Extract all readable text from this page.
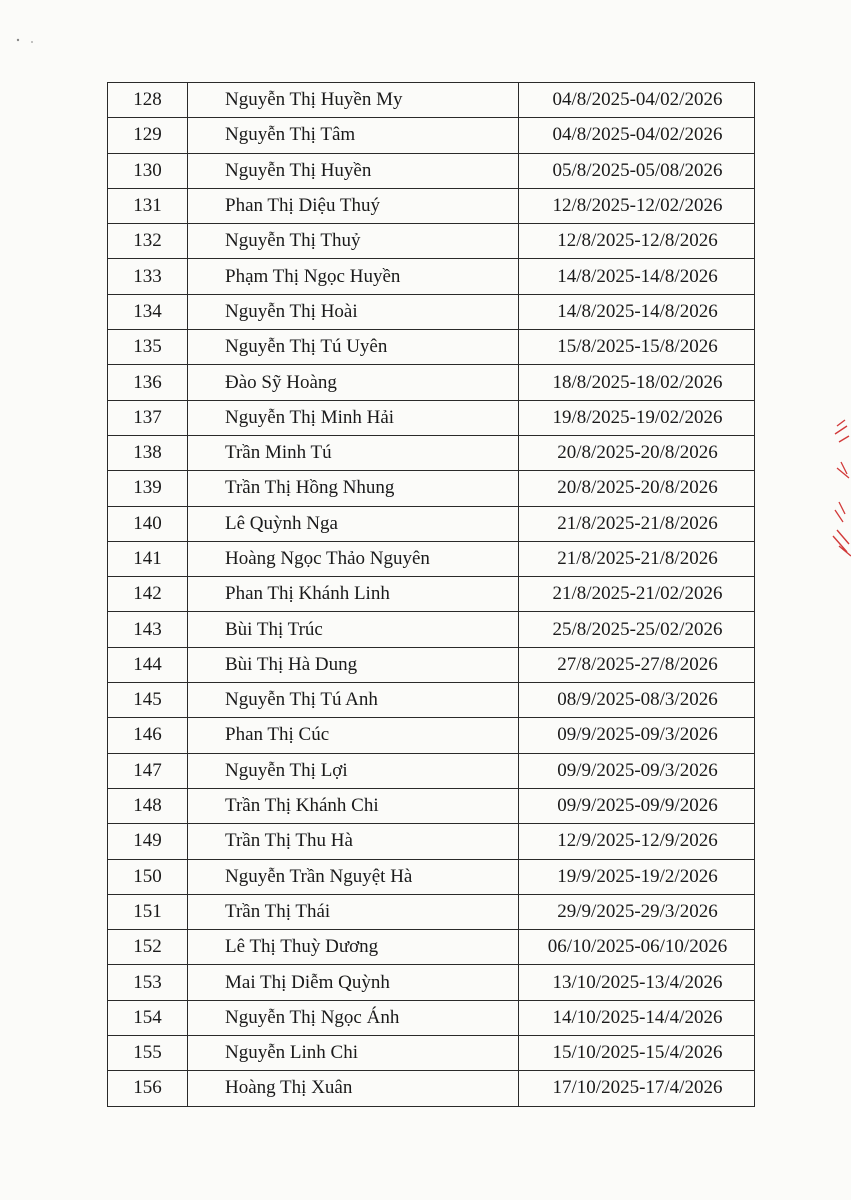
128	Nguyễn Thị Huyền My	04/8/2025-04/02/2026
129	Nguyễn Thị Tâm	04/8/2025-04/02/2026
130	Nguyễn Thị Huyền	05/8/2025-05/08/2026
131	Phan Thị Diệu Thuý	12/8/2025-12/02/2026
132	Nguyễn Thị Thuỷ	12/8/2025-12/8/2026
133	Phạm Thị Ngọc Huyền	14/8/2025-14/8/2026
134	Nguyễn Thị Hoài	14/8/2025-14/8/2026
135	Nguyễn Thị Tú Uyên	15/8/2025-15/8/2026
136	Đào Sỹ Hoàng	18/8/2025-18/02/2026
137	Nguyễn Thị Minh Hải	19/8/2025-19/02/2026
138	Trần Minh Tú	20/8/2025-20/8/2026
139	Trần Thị Hồng Nhung	20/8/2025-20/8/2026
140	Lê Quỳnh Nga	21/8/2025-21/8/2026
141	Hoàng Ngọc Thảo Nguyên	21/8/2025-21/8/2026
142	Phan Thị Khánh Linh	21/8/2025-21/02/2026
143	Bùi Thị Trúc	25/8/2025-25/02/2026
144	Bùi Thị Hà Dung	27/8/2025-27/8/2026
145	Nguyễn Thị Tú Anh	08/9/2025-08/3/2026
146	Phan Thị Cúc	09/9/2025-09/3/2026
147	Nguyễn Thị Lợi	09/9/2025-09/3/2026
148	Trần Thị Khánh Chi	09/9/2025-09/9/2026
149	Trần Thị Thu Hà	12/9/2025-12/9/2026
150	Nguyễn Trần Nguyệt Hà	19/9/2025-19/2/2026
151	Trần Thị Thái	29/9/2025-29/3/2026
152	Lê Thị Thuỳ Dương	06/10/2025-06/10/2026
153	Mai Thị Diễm Quỳnh	13/10/2025-13/4/2026
154	Nguyễn Thị Ngọc Ánh	14/10/2025-14/4/2026
155	Nguyễn Linh Chi	15/10/2025-15/4/2026
156	Hoàng Thị Xuân	17/10/2025-17/4/2026
